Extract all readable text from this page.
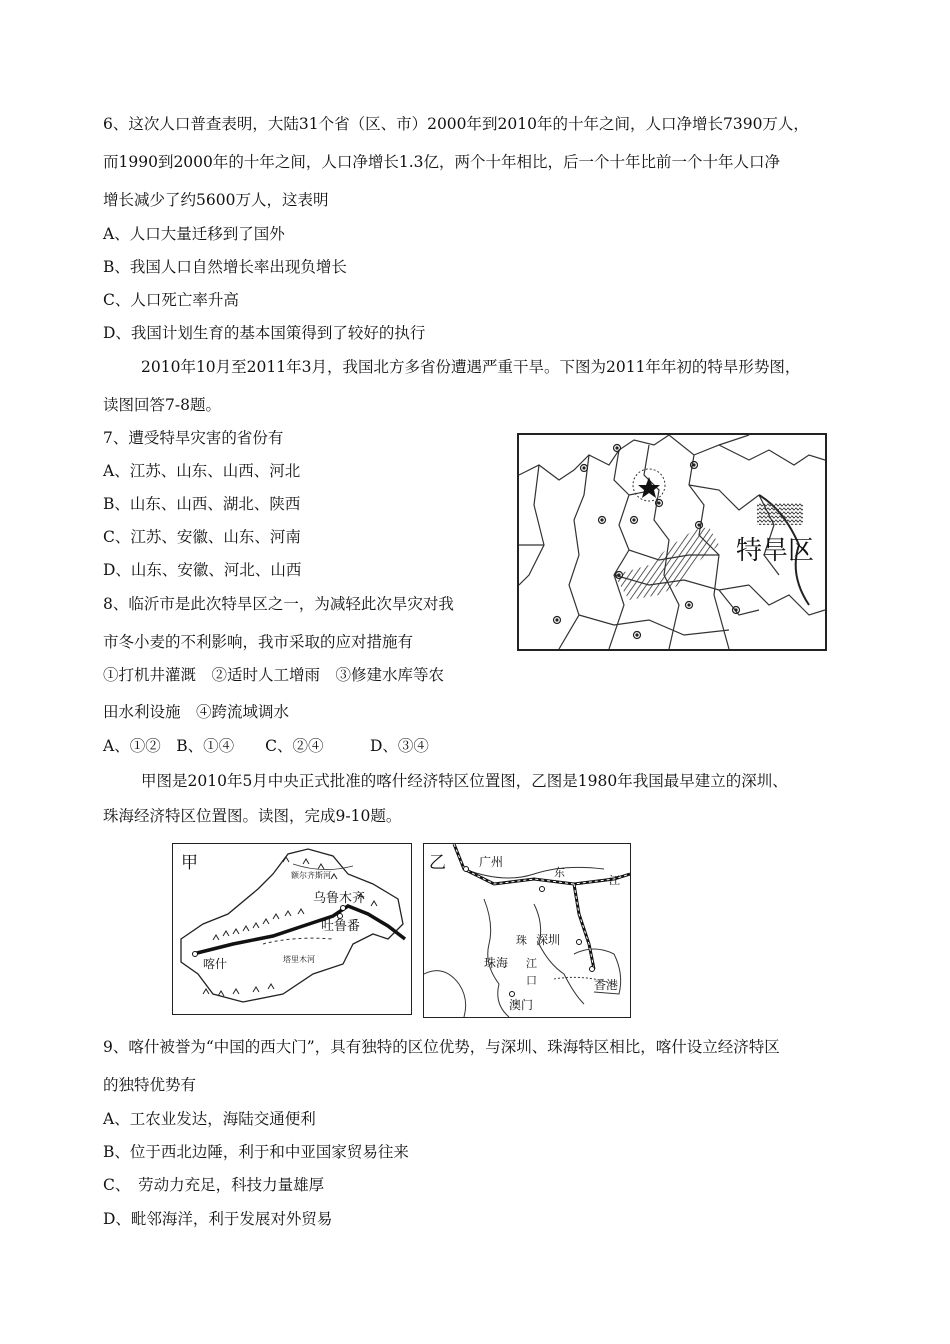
6、这次人口普查表明，大陆31个省（区、市）2000年到2010年的十年之间，人口净增长7390万人，
而1990到2000年的十年之间，人口净增长1.3亿，两个十年相比，后一个十年比前一个十年人口净
增长减少了约5600万人，这表明
A、人口大量迁移到了国外
B、我国人口自然增长率出现负增长
C、人口死亡率升高
D、我国计划生育的基本国策得到了较好的执行
2010年10月至2011年3月，我国北方多省份遭遇严重干旱。下图为2011年年初的特旱形势图，
读图回答7-8题。
7、遭受特旱灾害的省份有
A、江苏、山东、山西、河北
B、山东、山西、湖北、陕西
C、江苏、安徽、山东、河南
D、山东、安徽、河北、山西
8、临沂市是此次特旱区之一，为减轻此次旱灾对我
市冬小麦的不利影响，我市采取的应对措施有
①打机井灌溉　②适时人工增雨　③修建水库等农
田水利设施　④跨流域调水
A、①②　B、①④　　C、②④　　　D、③④
特旱区
甲图是2010年5月中央正式批准的喀什经济特区位置图，乙图是1980年我国最早建立的深圳、
珠海经济特区位置图。读图，完成9-10题。
甲
额尔齐斯河
乌鲁木齐
吐鲁番
塔里木河
喀什
乙	广州
东
江
珠 深圳
珠海 江
口
澳门
香港
9、喀什被誉为“中国的西大门”，具有独特的区位优势，与深圳、珠海特区相比，喀什设立经济特区
的独特优势有
A、工农业发达，海陆交通便利
B、位于西北边陲，利于和中亚国家贸易往来
C、　劳动力充足，科技力量雄厚
D、毗邻海洋，利于发展对外贸易
